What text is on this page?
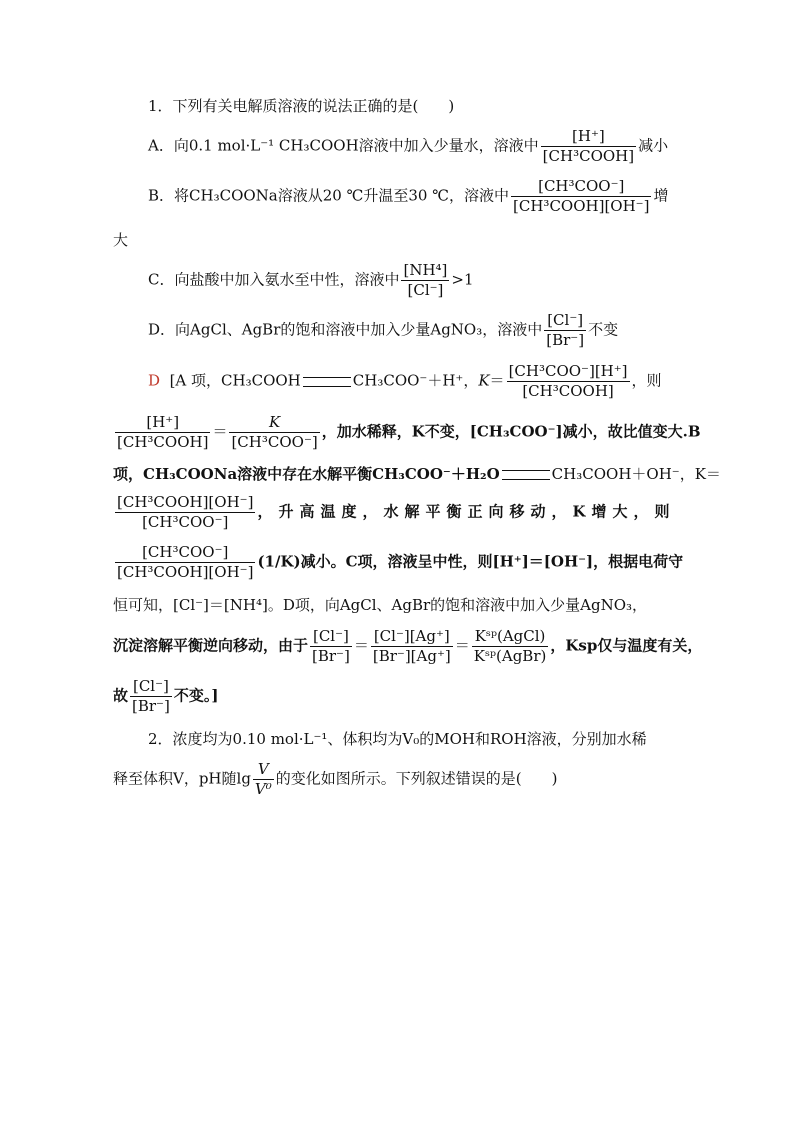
1．下列有关电解质溶液的说法正确的是(　　)
A．向0.1 mol·L⁻¹ CH₃COOH溶液中加入少量水，溶液中 $\frac{[H^+]}{\text{[CH³COOH]}}$ 减小
B．将CH₃COONa溶液从20 ℃升温至30 ℃，溶液中 $\frac{\text{[CH³COO⁻]}}{\text{[CH³COOH][OH⁻]}}$ 增
大
C．向盐酸中加入氨水至中性，溶液中 $\frac{\text{[NH⁴]}}{[Cl^-]} >1$
D．向AgCl、AgBr的饱和溶液中加入少量AgNO₃，溶液中 $\frac{[Cl^-]}{[Br^-]}$ 不变
D [A 项，CH₃COOH	CH₃COO⁻＋H⁺，$K= \frac{\text{[CH³COO⁻][H⁺]}}{\text{[CH³COOH]}}$ ，则
$\frac{[H^+]}{\text{[CH³COOH]}} = \frac{K}{\text{[CH³COO⁻]}}$ ，加水稀释，K不变，[CH₃COO⁻]减小，故比值变大.B
项，CH₃COONa溶液中存在水解平衡CH₃COO⁻＋H₂O	CH₃COOH＋OH⁻，K＝
$\frac{\text{[CH³COOH][OH⁻]}}{\text{[CH³COO⁻]}}$ ，升高温度，水解平衡正向移动，K增大，则
$\frac{\text{[CH³COO⁻]}}{\text{[CH³COOH][OH⁻]}} (1/K)$减小。C项，溶液呈中性，则[H⁺]＝[OH⁻]，根据电荷守
恒可知，[Cl⁻]＝[NH⁴]。D项，向AgCl、AgBr的饱和溶液中加入少量AgNO₃，
沉淀溶解平衡逆向移动，由于 $\frac{[Cl^-]}{[Br^-]} = \frac{[Cl^-][Ag^+]}{[Br^-][Ag^+]} = \frac{\text{Kˢᵖ(AgCl)}}{\text{Kˢᵖ(AgBr)}}$ ，Ksp仅与温度有关，
故 $\frac{[Cl^-]}{[Br^-]}$ 不变。]
2．浓度均为0.10 mol·L⁻¹、体积均为V₀的MOH和ROH溶液，分别加水稀
释至体积V，pH随$\lg \frac{V}{\text{V⁰}}$ 的变化如图所示。下列叙述错误的是(　　)
